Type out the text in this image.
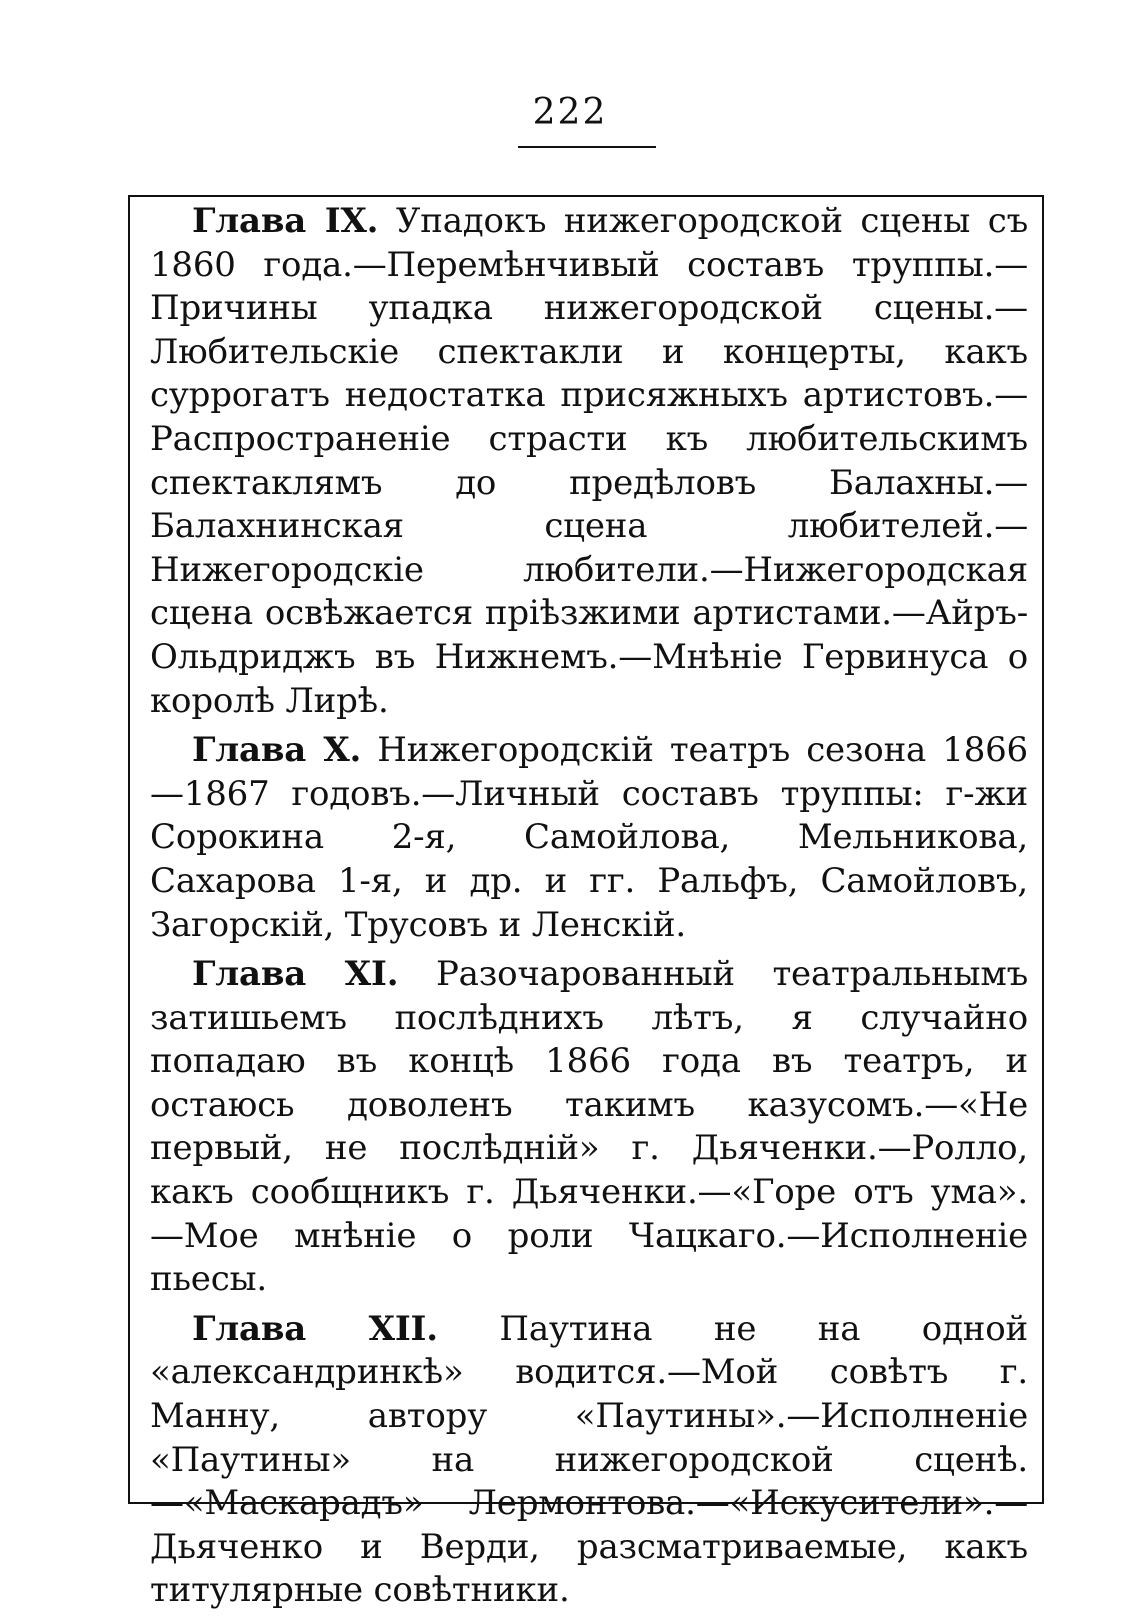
222

Глава IX. Упадокъ нижегородской сцены съ 1860 года.—Перемѣнчивый составъ труппы.—Причины упадка нижегородской сцены.—Любительскіе спектакли и концерты, какъ суррогатъ недостатка присяжныхъ артистовъ.—Распространеніе страсти къ любительскимъ спектаклямъ до предѣловъ Балахны.—Балахнинская сцена любителей.—Нижегородскіе любители.—Нижегородская сцена освѣжается пріѣзжими артистами.—Айръ-Ольдриджъ въ Нижнемъ.—Мнѣніе Гервинуса о королѣ Лирѣ.

Глава X. Нижегородскій театръ сезона 1866—1867 годовъ.—Личный составъ труппы: г-жи Сорокина 2-я, Самойлова, Мельникова, Сахарова 1-я, и др. и гг. Ральфъ, Самойловъ, Загорскій, Трусовъ и Ленскій.

Глава XI. Разочарованный театральнымъ затишьемъ послѣднихъ лѣтъ, я случайно попадаю въ концѣ 1866 года въ театръ, и остаюсь доволенъ такимъ казусомъ.—«Не первый, не послѣдній» г. Дьяченки.—Ролло, какъ сообщникъ г. Дьяченки.—«Горе отъ ума».—Мое мнѣніе о роли Чацкаго.—Исполненіе пьесы.

Глава XII. Паутина не на одной «александринкѣ» водится.—Мой совѣтъ г. Манну, автору «Паутины».—Исполненіе «Паутины» на нижегородской сценѣ.—«Маскарадъ» Лермонтова.—«Искусители».—Дьяченко и Верди, разсматриваемые, какъ титулярные совѣтники.
